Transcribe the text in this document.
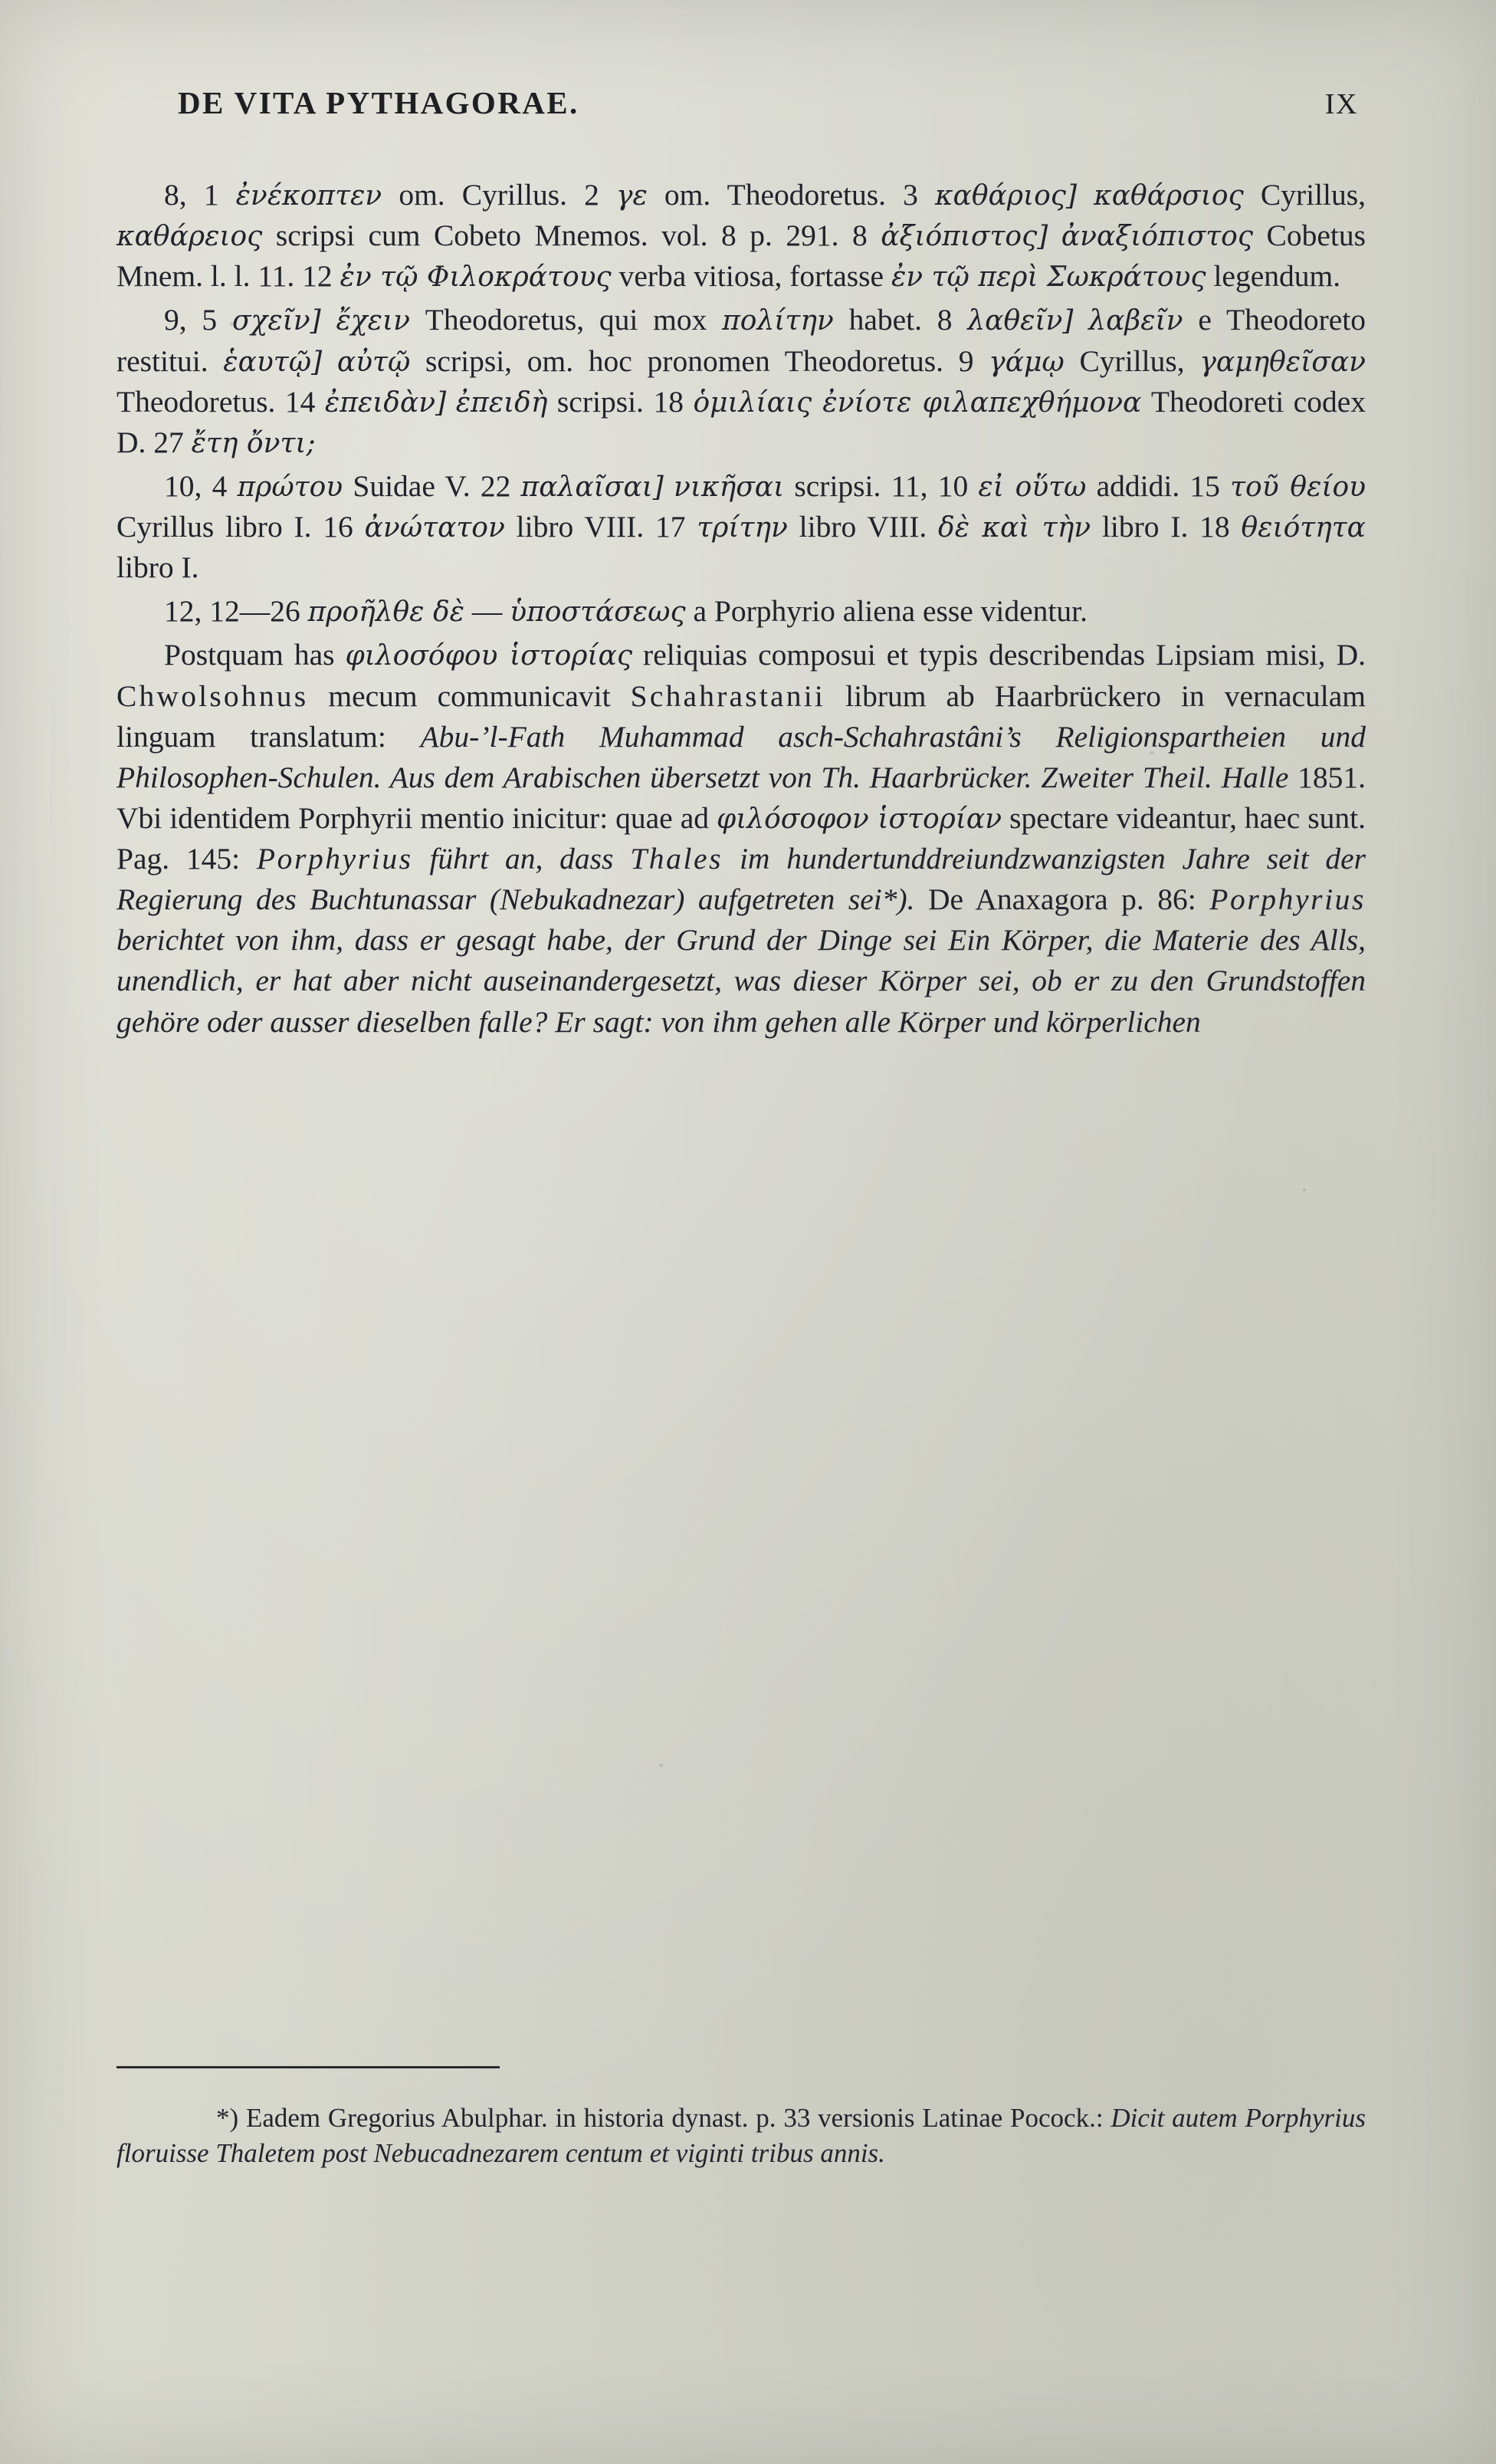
DE VITA PYTHAGORAE.	IX
8, 1 ἐνέκοπτεν om. Cyrillus. 2 γε om. Theodoretus. 3 καθάριος] καθάρσιος Cyrillus, καθάρειος scripsi cum Cobeto Mnemos. vol. 8 p. 291. 8 ἀξιόπιστος] ἀναξιόπιστος Cobetus Mnem. l. l. 11. 12 ἐν τῷ Φιλοκράτους verba vitiosa, fortasse ἐν τῷ περὶ Σωκράτους legendum.
9, 5 σχεῖν] ἔχειν Theodoretus, qui mox πολίτην habet. 8 λαθεῖν] λαβεῖν e Theodoreto restitui. ἑαυτῷ] αὐτῷ scripsi, om. hoc pronomen Theodoretus. 9 γάμῳ Cyrillus, γαμηθεῖσαν Theodoretus. 14 ἐπειδὰν] ἐπειδὴ scripsi. 18 ὁμιλίαις ἐνίοτε φιλαπεχθήμονα Theodoreti codex D. 27 ἔτη ὄντι;
10, 4 πρώτου Suidae V. 22 παλαῖσαι] νικῆσαι scripsi. 11, 10 εἰ οὕτω addidi. 15 τοῦ θείου Cyrillus libro I. 16 ἀνώτατον libro VIII. 17 τρίτην libro VIII. δὲ καὶ τὴν libro I. 18 θειότητα libro I.
12, 12—26 προῆλθε δὲ — ὑποστάσεως a Porphyrio aliena esse videntur.
Postquam has φιλοσόφου ἱστορίας reliquias composui et typis describendas Lipsiam misi, D. Chwolsohnus mecum communicavit Schahrastanii librum ab Haarbrückero in vernaculam linguam translatum: Abu-’l-Fath Muhammad asch-Schahrastâni’s Religionspartheien und Philosophen-Schulen. Aus dem Arabischen übersetzt von Th. Haarbrücker. Zweiter Theil. Halle 1851. Vbi identidem Porphyrii mentio inicitur: quae ad φιλόσοφον ἱστορίαν spectare videantur, haec sunt. Pag. 145: Porphyrius führt an, dass Thales im hundertunddreiundzwanzigsten Jahre seit der Regierung des Buchtunassar (Nebukadnezar) aufgetreten sei*). De Anaxagora p. 86: Porphyrius berichtet von ihm, dass er gesagt habe, der Grund der Dinge sei Ein Körper, die Materie des Alls, unendlich, er hat aber nicht auseinandergesetzt, was dieser Körper sei, ob er zu den Grundstoffen gehöre oder ausser dieselben falle? Er sagt: von ihm gehen alle Körper und körperlichen
*) Eadem Gregorius Abulphar. in historia dynast. p. 33 versionis Latinae Pocock.: Dicit autem Porphyrius floruisse Thaletem post Nebucadnezarem centum et viginti tribus annis.
